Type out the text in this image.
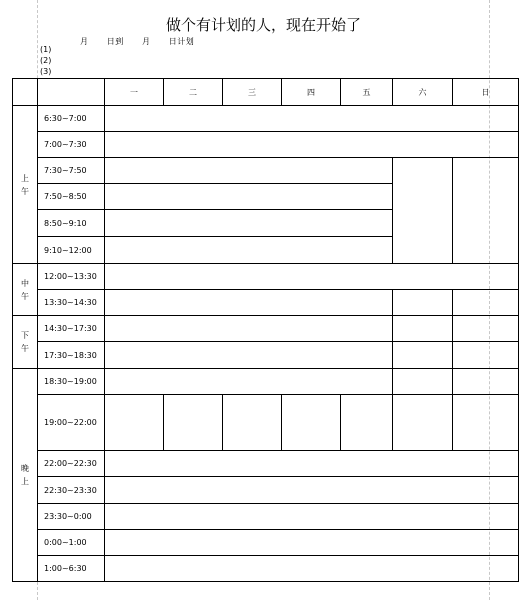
做个有计划的人，现在开始了
月 日到 月 日计划
(1)
(2)
(3)
		一	二	三	四	五	六	日
上午	6:30~7:00							
	7:00~7:30							
	7:30~7:50							
	7:50~8:50							
	8:50~9:10							
	9:10~12:00							
中午	12:00~13:30							
	13:30~14:30							
下午	14:30~17:30							
	17:30~18:30							
晚上	18:30~19:00							
	19:00~22:00							
	22:00~22:30							
	22:30~23:30							
	23:30~0:00							
	0:00~1:00							
	1:00~6:30							
